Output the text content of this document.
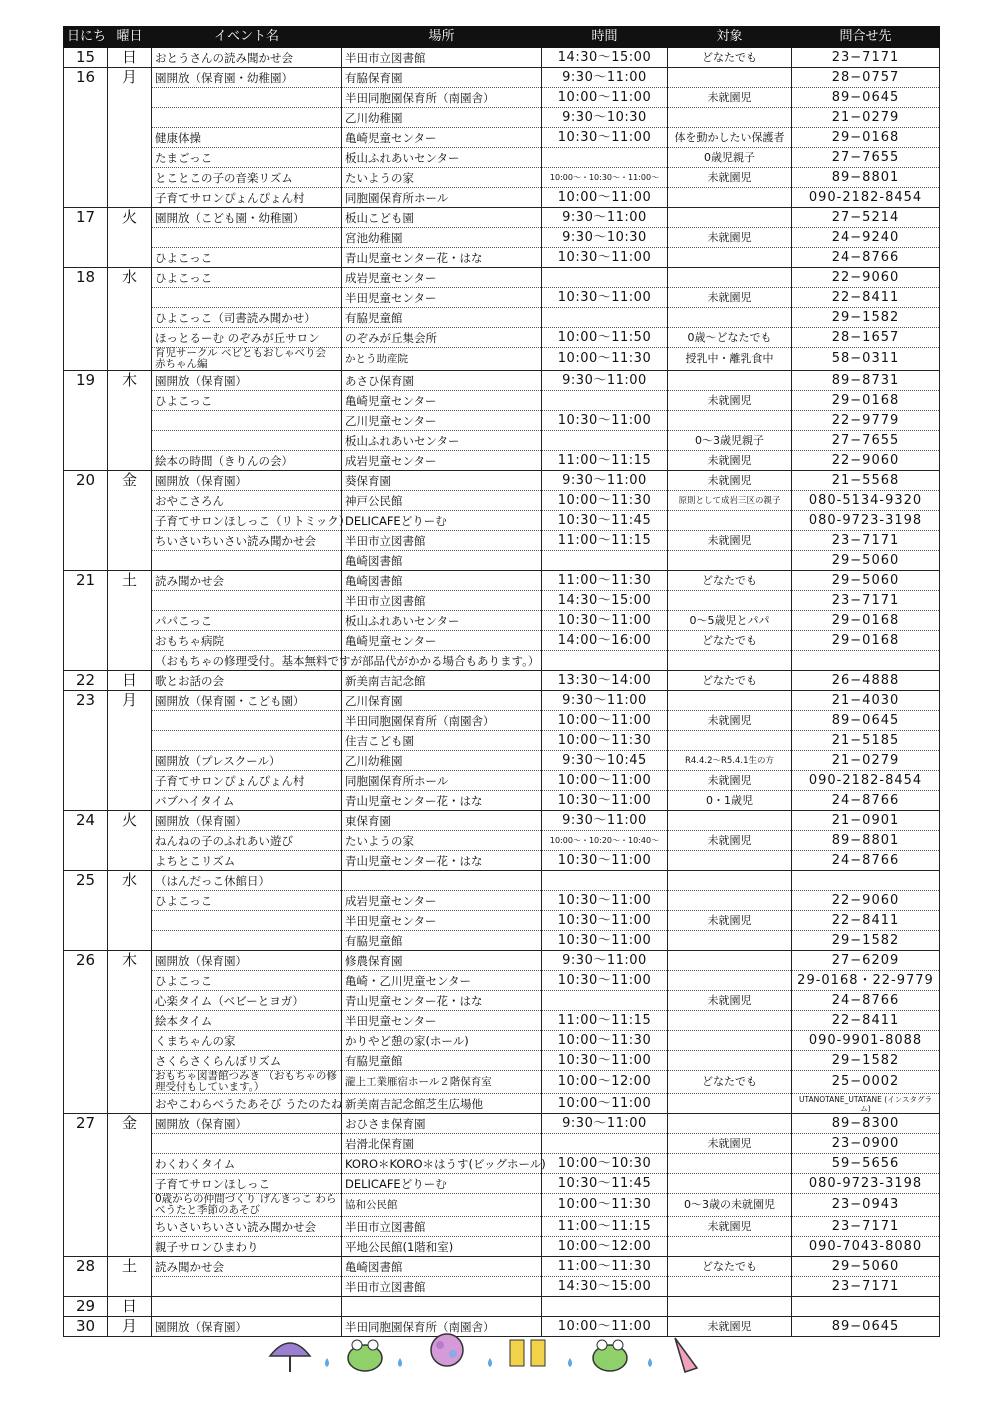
日にち	曜日	イベント名	場所	時間	対象	問合せ先
15	日	おとうさんの読み聞かせ会	半田市立図書館	14:30〜15:00	どなたでも	23−7171
16	月	園開放（保育園・幼稚園）	有脇保育園	9:30〜11:00		28−0757
			半田同胞園保育所（南園舎）	10:00〜11:00	未就園児	89−0645
			乙川幼稚園	9:30〜10:30		21−0279
		健康体操	亀崎児童センター	10:30〜11:00	体を動かしたい保護者	29−0168
		たまごっこ	板山ふれあいセンター		0歳児親子	27−7655
		とことこの子の音楽リズム	たいようの家	10:00〜・10:30〜・11:00〜	未就園児	89−8801
		子育てサロンぴょんぴょん村	同胞園保育所ホール	10:00〜11:00		090-2182-8454
17	火	園開放（こども園・幼稚園）	板山こども園	9:30〜11:00		27−5214
			宮池幼稚園	9:30〜10:30	未就園児	24−9240
		ひよこっこ	青山児童センター花・はな	10:30〜11:00		24−8766
18	水	ひよこっこ	成岩児童センター			22−9060
			半田児童センター	10:30〜11:00	未就園児	22−8411
		ひよこっこ（司書読み聞かせ）	有脇児童館			29−1582
		ほっとるーむ のぞみが丘サロン	のぞみが丘集会所	10:00〜11:50	0歳〜どなたでも	28−1657
		育児サークル ベビともおしゃべり会 赤ちゃん編	かとう助産院	10:00〜11:30	授乳中・離乳食中	58−0311
19	木	園開放（保育園）	あさひ保育園	9:30〜11:00		89−8731
		ひよこっこ	亀崎児童センター		未就園児	29−0168
			乙川児童センター	10:30〜11:00		22−9779
			板山ふれあいセンター		0〜3歳児親子	27−7655
		絵本の時間（きりんの会）	成岩児童センター	11:00〜11:15	未就園児	22−9060
20	金	園開放（保育園）	葵保育園	9:30〜11:00	未就園児	21−5568
		おやこさろん	神戸公民館	10:00〜11:30	原則として成岩三区の親子	080-5134-9320
		子育てサロンほしっこ（リトミック）	DELICAFEどりーむ	10:30〜11:45		080-9723-3198
		ちいさいちいさい読み聞かせ会	半田市立図書館	11:00〜11:15	未就園児	23−7171
			亀崎図書館			29−5060
21	土	読み聞かせ会	亀崎図書館	11:00〜11:30	どなたでも	29−5060
			半田市立図書館	14:30〜15:00		23−7171
		パパこっこ	板山ふれあいセンター	10:30〜11:00	0〜5歳児とパパ	29−0168
		おもちゃ病院	亀崎児童センター	14:00〜16:00	どなたでも	29−0168
		（おもちゃの修理受付。基本無料ですが部品代がかかる場合もあります。）				
22	日	歌とお話の会	新美南吉記念館	13:30〜14:00	どなたでも	26−4888
23	月	園開放（保育園・こども園）	乙川保育園	9:30〜11:00		21−4030
			半田同胞園保育所（南園舎）	10:00〜11:00	未就園児	89−0645
			住吉こども園	10:00〜11:30		21−5185
		園開放（プレスクール）	乙川幼稚園	9:30〜10:45	R4.4.2〜R5.4.1生の方	21−0279
		子育てサロンぴょんぴょん村	同胞園保育所ホール	10:00〜11:00	未就園児	090-2182-8454
		バブハイタイム	青山児童センター花・はな	10:30〜11:00	0・1歳児	24−8766
24	火	園開放（保育園）	東保育園	9:30〜11:00		21−0901
		ねんねの子のふれあい遊び	たいようの家	10:00〜・10:20〜・10:40〜	未就園児	89−8801
		よちとこリズム	青山児童センター花・はな	10:30〜11:00		24−8766
25	水	（はんだっこ休館日）				
		ひよこっこ	成岩児童センター	10:30〜11:00		22−9060
			半田児童センター	10:30〜11:00	未就園児	22−8411
			有脇児童館	10:30〜11:00		29−1582
26	木	園開放（保育園）	修農保育園	9:30〜11:00		27−6209
		ひよこっこ	亀崎・乙川児童センター	10:30〜11:00		29-0168・22-9779
		心楽タイム（ベビーとヨガ）	青山児童センター花・はな		未就園児	24−8766
		絵本タイム	半田児童センター	11:00〜11:15		22−8411
		くまちゃんの家	かりやど憩の家(ホール)	10:00〜11:30		090-9901-8088
		さくらさくらんぼリズム	有脇児童館	10:30〜11:00		29−1582
		おもちゃ図書館つみき （おもちゃの修理受付もしています。）	瀧上工業雁宿ホール２階保育室	10:00〜12:00	どなたでも	25−0002
		おやこわらべうたあそび うたのたね	新美南吉記念館芝生広場他	10:00〜11:00		UTANOTANE_UTATANE (インスタグラム)
27	金	園開放（保育園）	おひさま保育園	9:30〜11:00		89−8300
			岩滑北保育園		未就園児	23−0900
		わくわくタイム	KORO＊KORO＊はうす(ビッグホール)	10:00〜10:30		59−5656
		子育てサロンほしっこ	DELICAFEどりーむ	10:30〜11:45		080-9723-3198
		0歳からの仲間づくり げんきっこ わらべうたと季節のあそび	協和公民館	10:00〜11:30	0〜3歳の未就園児	23−0943
		ちいさいちいさい読み聞かせ会	半田市立図書館	11:00〜11:15	未就園児	23−7171
		親子サロンひまわり	平地公民館(1階和室)	10:00〜12:00		090-7043-8080
28	土	読み聞かせ会	亀崎図書館	11:00〜11:30	どなたでも	29−5060
			半田市立図書館	14:30〜15:00		23−7171
29	日					
30	月	園開放（保育園）	半田同胞園保育所（南園舎）	10:00〜11:00	未就園児	89−0645
